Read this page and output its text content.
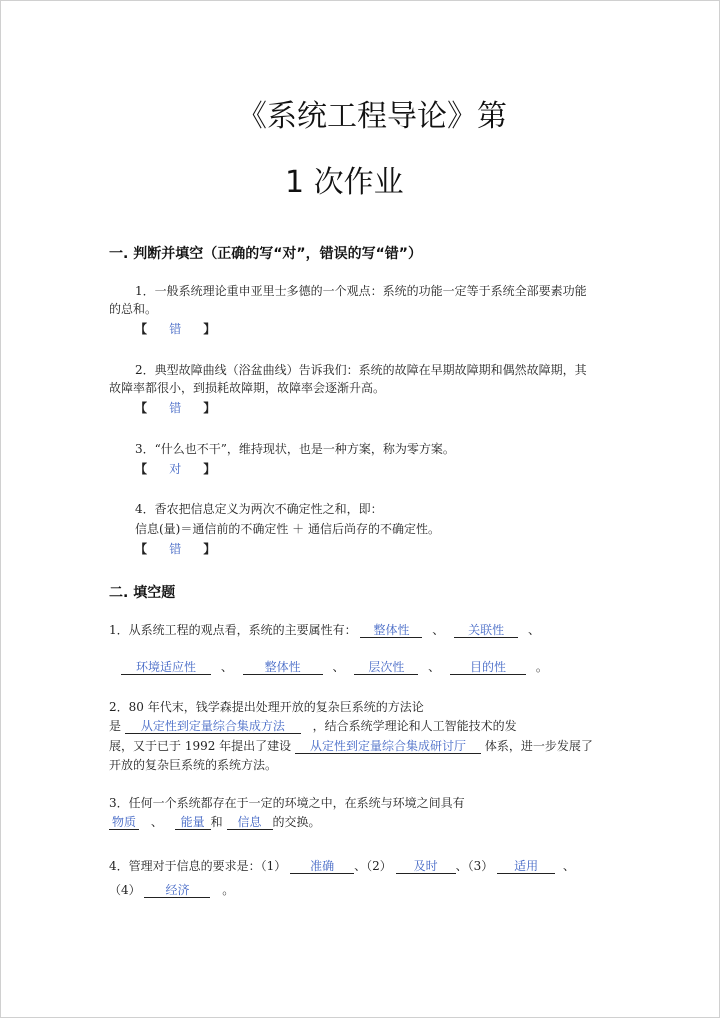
《系统工程导论》第
1 次作业
一. 判断并填空（正确的写“对”，错误的写“错”）
1．一般系统理论重申亚里士多德的一个观点：系统的功能一定等于系统全部要素功能
的总和。
【 错 】
2．典型故障曲线（浴盆曲线）告诉我们：系统的故障在早期故障期和偶然故障期，其
故障率都很小，到损耗故障期，故障率会逐渐升高。
【 错 】
3．“什么也不干”，维持现状，也是一种方案，称为零方案。
【 对 】
4．香农把信息定义为两次不确定性之和，即：
信息(量)＝通信前的不确定性 ＋ 通信后尚存的不确定性。
【 错 】
二. 填空题
1．从系统工程的观点看，系统的主要属性有： 整体性 、 关联性 、
环境适应性 、	整体性	、 层次性 、 目的性 。
2．80 年代末，钱学森提出处理开放的复杂巨系统的方法论
是 从定性到定量综合集成方法 ，结合系统学理论和人工智能技术的发
展，又于已于 1992 年提出了建设 从定性到定量综合集成研讨厅 体系，进一步发展了
开放的复杂巨系统的系统方法。
3．任何一个系统都存在于一定的环境之中，在系统与环境之间具有
物质 、 能量 和 信息 的交换。
4．管理对于信息的要求是：（1） 准确 、（2） 及时 、（3） 适用 、
（4） 经济	。
